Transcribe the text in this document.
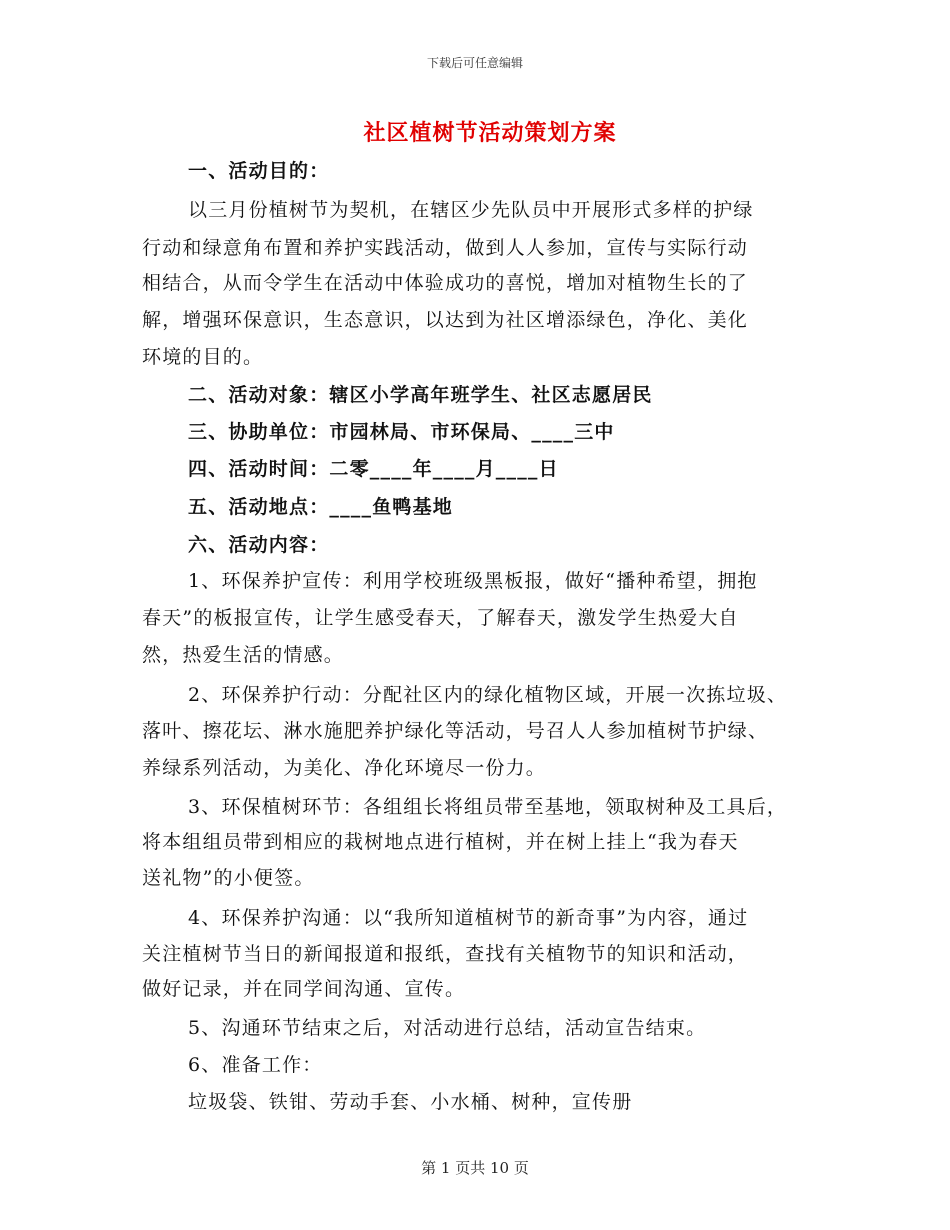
下载后可任意编辑
社区植树节活动策划方案
一、活动目的：
以三月份植树节为契机，在辖区少先队员中开展形式多样的护绿
行动和绿意角布置和养护实践活动，做到人人参加，宣传与实际行动
相结合，从而令学生在活动中体验成功的喜悦，增加对植物生长的了
解，增强环保意识，生态意识，以达到为社区增添绿色，净化、美化
环境的目的。
二、活动对象：辖区小学高年班学生、社区志愿居民
三、协助单位：市园林局、市环保局、____三中
四、活动时间：二零____年____月____日
五、活动地点：____鱼鸭基地
六、活动内容：
1、环保养护宣传：利用学校班级黑板报，做好“播种希望，拥抱
春天”的板报宣传，让学生感受春天，了解春天，激发学生热爱大自
然，热爱生活的情感。
2、环保养护行动：分配社区内的绿化植物区域，开展一次拣垃圾、
落叶、擦花坛、淋水施肥养护绿化等活动，号召人人参加植树节护绿、
养绿系列活动，为美化、净化环境尽一份力。
3、环保植树环节：各组组长将组员带至基地，领取树种及工具后，
将本组组员带到相应的栽树地点进行植树，并在树上挂上“我为春天
送礼物”的小便签。
4、环保养护沟通：以“我所知道植树节的新奇事”为内容，通过
关注植树节当日的新闻报道和报纸，查找有关植物节的知识和活动，
做好记录，并在同学间沟通、宣传。
5、沟通环节结束之后，对活动进行总结，活动宣告结束。
6、准备工作：
垃圾袋、铁钳、劳动手套、小水桶、树种，宣传册
第 1 页共 10 页
